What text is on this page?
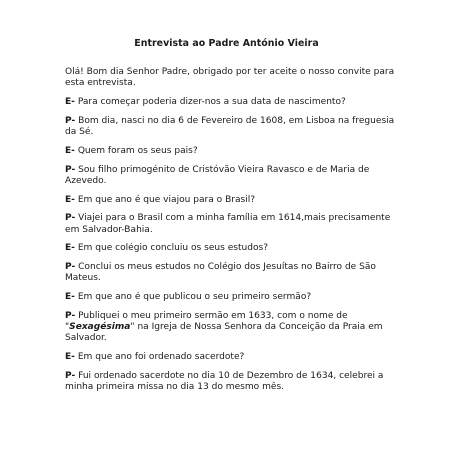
Entrevista ao Padre António Vieira

Olá! Bom dia Senhor Padre, obrigado por ter aceite o nosso convite para esta entrevista.

E- Para começar poderia dizer-nos a sua data de nascimento?

P- Bom dia, nasci no dia 6 de Fevereiro de 1608, em Lisboa na freguesia da Sé.

E- Quem foram os seus pais?

P- Sou filho primogénito de Cristóvão Vieira Ravasco e de Maria de Azevedo.

E- Em que ano é que viajou para o Brasil?

P- Viajei para o Brasil com a minha família em 1614,mais precisamente em Salvador-Bahia.

E- Em que colégio concluiu os seus estudos?

P- Conclui os meus estudos no Colégio dos Jesuítas no Bairro de São Mateus.

E- Em que ano é que publicou o seu primeiro sermão?

P- Publiquei o meu primeiro sermão em 1633, com o nome de "Sexagésima" na Igreja de Nossa Senhora da Conceição da Praia em Salvador.

E- Em que ano foi ordenado sacerdote?

P- Fui ordenado sacerdote no dia 10 de Dezembro de 1634, celebrei a minha primeira missa no dia 13 do mesmo mês.
